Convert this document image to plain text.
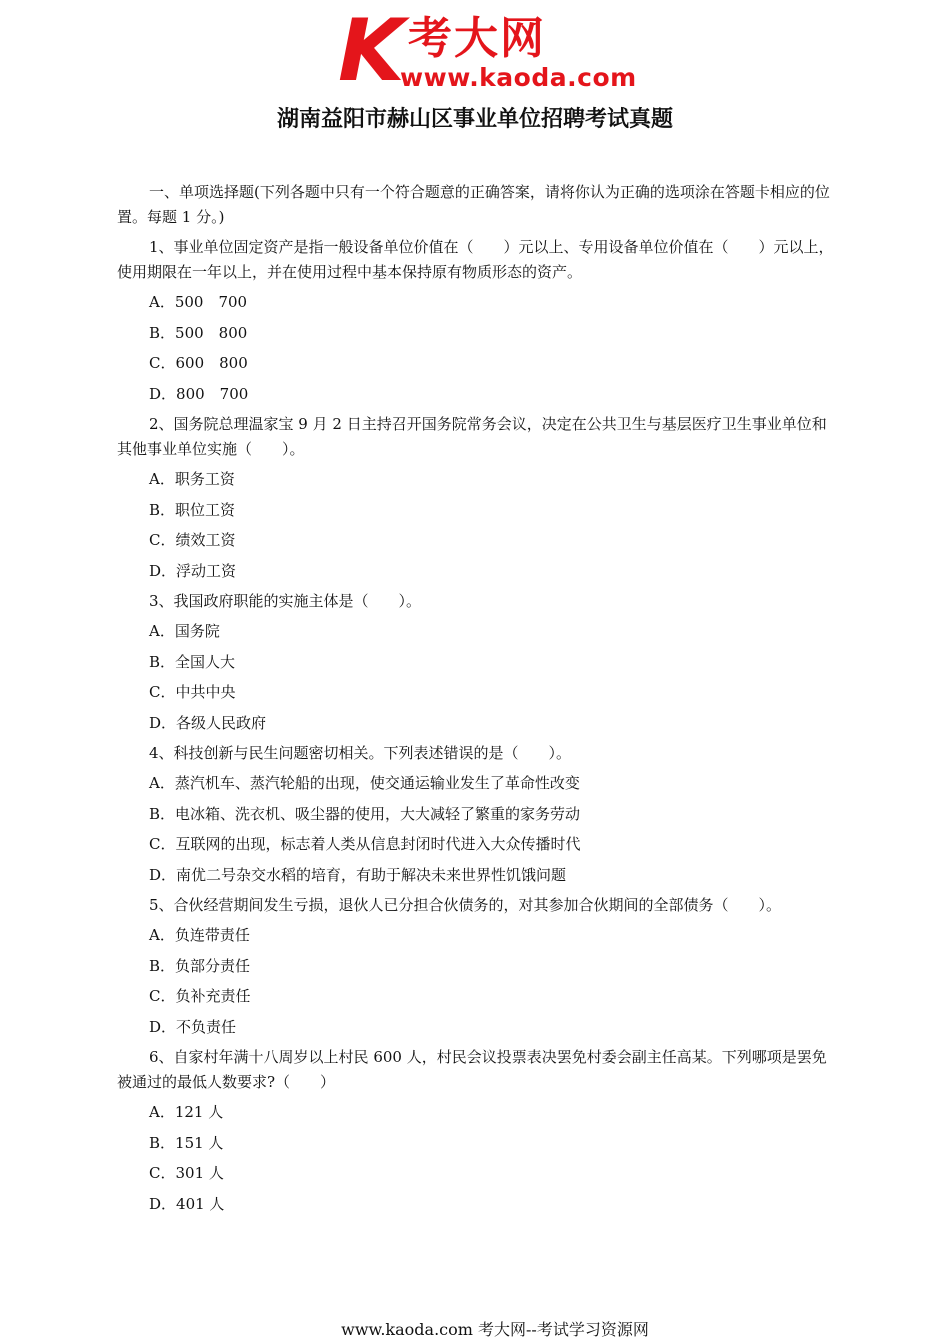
K 考大网
www.kaoda.com
湖南益阳市赫山区事业单位招聘考试真题

一、单项选择题(下列各题中只有一个符合题意的正确答案，请将你认为正确的选项涂在答题卡相应的位置。每题 1 分。)

1、事业单位固定资产是指一般设备单位价值在（　　）元以上、专用设备单位价值在（　　）元以上，使用期限在一年以上，并在使用过程中基本保持原有物质形态的资产。

A．500　700
B．500　800
C．600　800
D．800　700

2、国务院总理温家宝 9 月 2 日主持召开国务院常务会议，决定在公共卫生与基层医疗卫生事业单位和其他事业单位实施（　　）。

A．职务工资
B．职位工资
C．绩效工资
D．浮动工资

3、我国政府职能的实施主体是（　　）。

A．国务院
B．全国人大
C．中共中央
D．各级人民政府

4、科技创新与民生问题密切相关。下列表述错误的是（　　）。

A．蒸汽机车、蒸汽轮船的出现，使交通运输业发生了革命性改变
B．电冰箱、洗衣机、吸尘器的使用，大大减轻了繁重的家务劳动
C．互联网的出现，标志着人类从信息封闭时代进入大众传播时代
D．南优二号杂交水稻的培育，有助于解决未来世界性饥饿问题

5、合伙经营期间发生亏损，退伙人已分担合伙债务的，对其参加合伙期间的全部债务（　　）。

A．负连带责任
B．负部分责任
C．负补充责任
D．不负责任

6、自家村年满十八周岁以上村民 600 人，村民会议投票表决罢免村委会副主任高某。下列哪项是罢免被通过的最低人数要求?（　　）

A．121 人
B．151 人
C．301 人
D．401 人
www.kaoda.com 考大网--考试学习资源网
